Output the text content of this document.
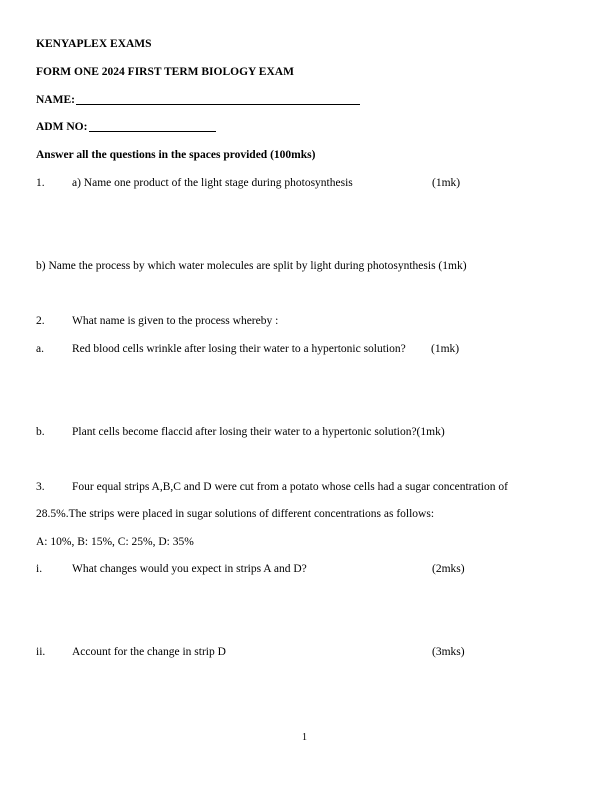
KENYAPLEX EXAMS
FORM ONE 2024 FIRST TERM BIOLOGY EXAM
NAME:
ADM NO:
Answer all the questions in the spaces provided (100mks)
1. a) Name one product of the light stage during photosynthesis	(1mk)
b) Name the process by which water molecules are split by light during photosynthesis (1mk)
2. What name is given to the process whereby :
a. Red blood cells wrinkle after losing their water to a hypertonic solution? (1mk)
b. Plant cells become flaccid after losing their water to a hypertonic solution?(1mk)
3. Four equal strips A,B,C and D were cut from a potato whose cells had a sugar concentration of
28.5%.The strips were placed in sugar solutions of different concentrations as follows:
A: 10%, B: 15%, C: 25%, D: 35%
i.	What changes would you expect in strips A and D?	(2mks)
ii. Account for the change in strip D	(3mks)
1
